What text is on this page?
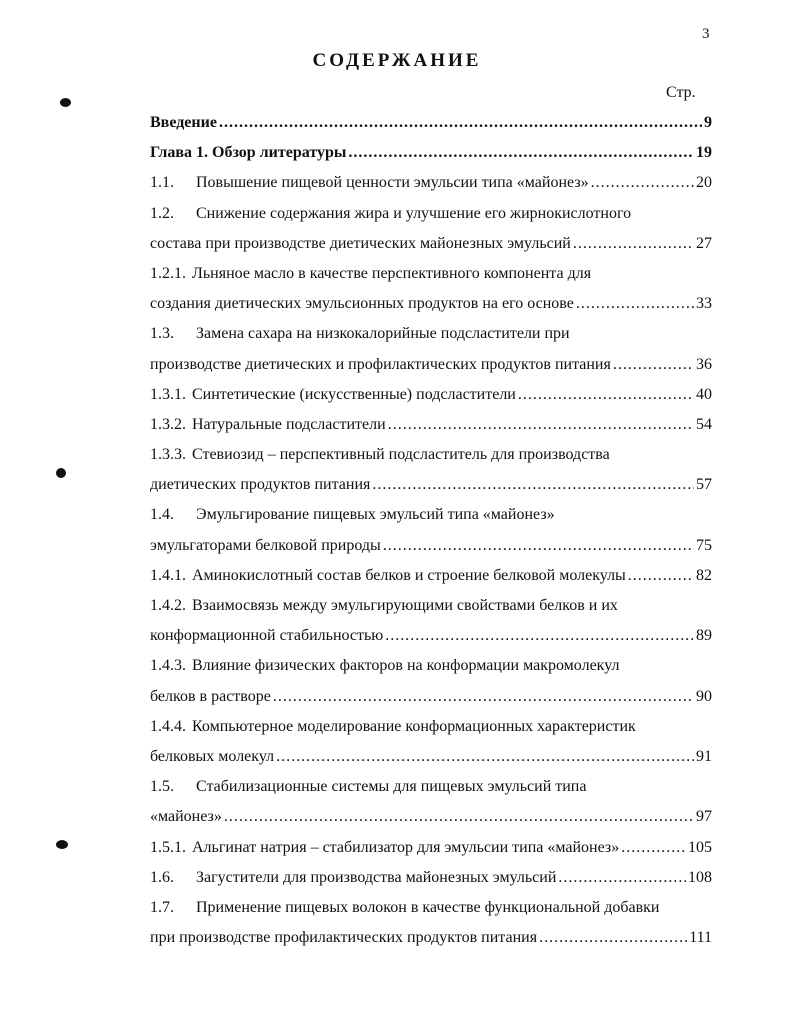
3
СОДЕРЖАНИЕ
Стр.
Введение .....	9
Глава 1. Обзор литературы .....	19
1.1.	Повышение пищевой ценности эмульсии типа «майонез» .....	20
1.2.	Снижение содержания жира и улучшение его жирнокислотного
состава при производстве диетических майонезных эмульсий .....	27
1.2.1. Льняное масло в качестве перспективного компонента для
создания диетических эмульсионных продуктов на его основе .....	33
1.3.	Замена сахара на низкокалорийные подсластители при
производстве диетических и профилактических продуктов питания .....	36
1.3.1. Синтетические (искусственные) подсластители .....	40
1.3.2. Натуральные подсластители .....	54
1.3.3. Стевиозид – перспективный подсластитель для производства
диетических продуктов питания .....	57
1.4.	Эмульгирование пищевых эмульсий типа «майонез»
эмульгаторами белковой природы .....	75
1.4.1. Аминокислотный состав белков и строение белковой молекулы .....	82
1.4.2. Взаимосвязь между эмульгирующими свойствами белков и их
конформационной стабильностью .....	89
1.4.3. Влияние физических факторов на конформации макромолекул
белков в растворе .....	90
1.4.4. Компьютерное моделирование конформационных характеристик
белковых молекул .....	91
1.5.	Стабилизационные системы для пищевых эмульсий типа
«майонез» .....	97
1.5.1. Альгинат натрия – стабилизатор для эмульсии типа «майонез» .....	105
1.6.	Загустители для производства майонезных эмульсий .....	108
1.7.	Применение пищевых волокон в качестве функциональной добавки
при производстве профилактических продуктов питания .....	111
